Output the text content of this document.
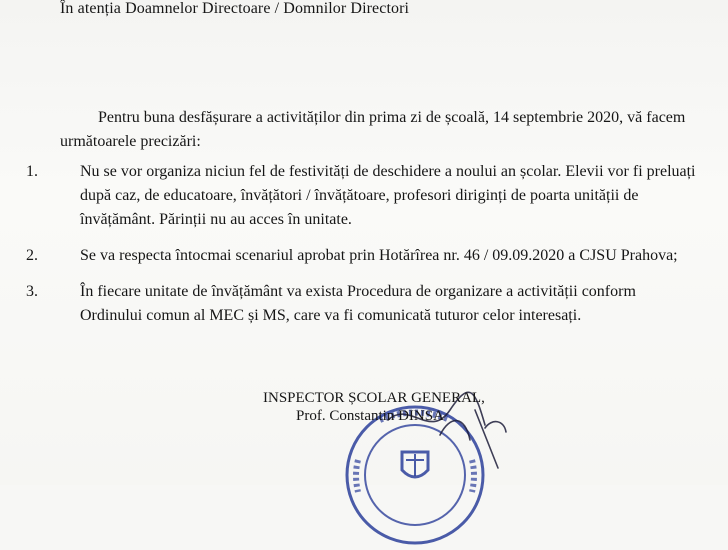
În atenția Doamnelor Directoare / Domnilor Directori
Pentru buna desfășurare a activităților din prima zi de școală, 14 septembrie 2020, vă facem următoarele precizări:
1.	Nu se vor organiza niciun fel de festivități de deschidere a noului an școlar. Elevii vor fi preluați după caz, de educatoare, învățători / învățătoare, profesori diriginți de poarta unității de învățământ. Părinții nu au acces în unitate.
2.	Se va respecta întocmai scenariul aprobat prin Hotărîrea nr. 46 / 09.09.2020 a CJSU Prahova;
3.	În fiecare unitate de învățământ va exista Procedura de organizare a activității conform Ordinului comun al MEC și MS, care va fi comunicată tuturor celor interesați.
INSPECTOR ȘCOLAR GENERAL,
Prof. Constantin DINSA
